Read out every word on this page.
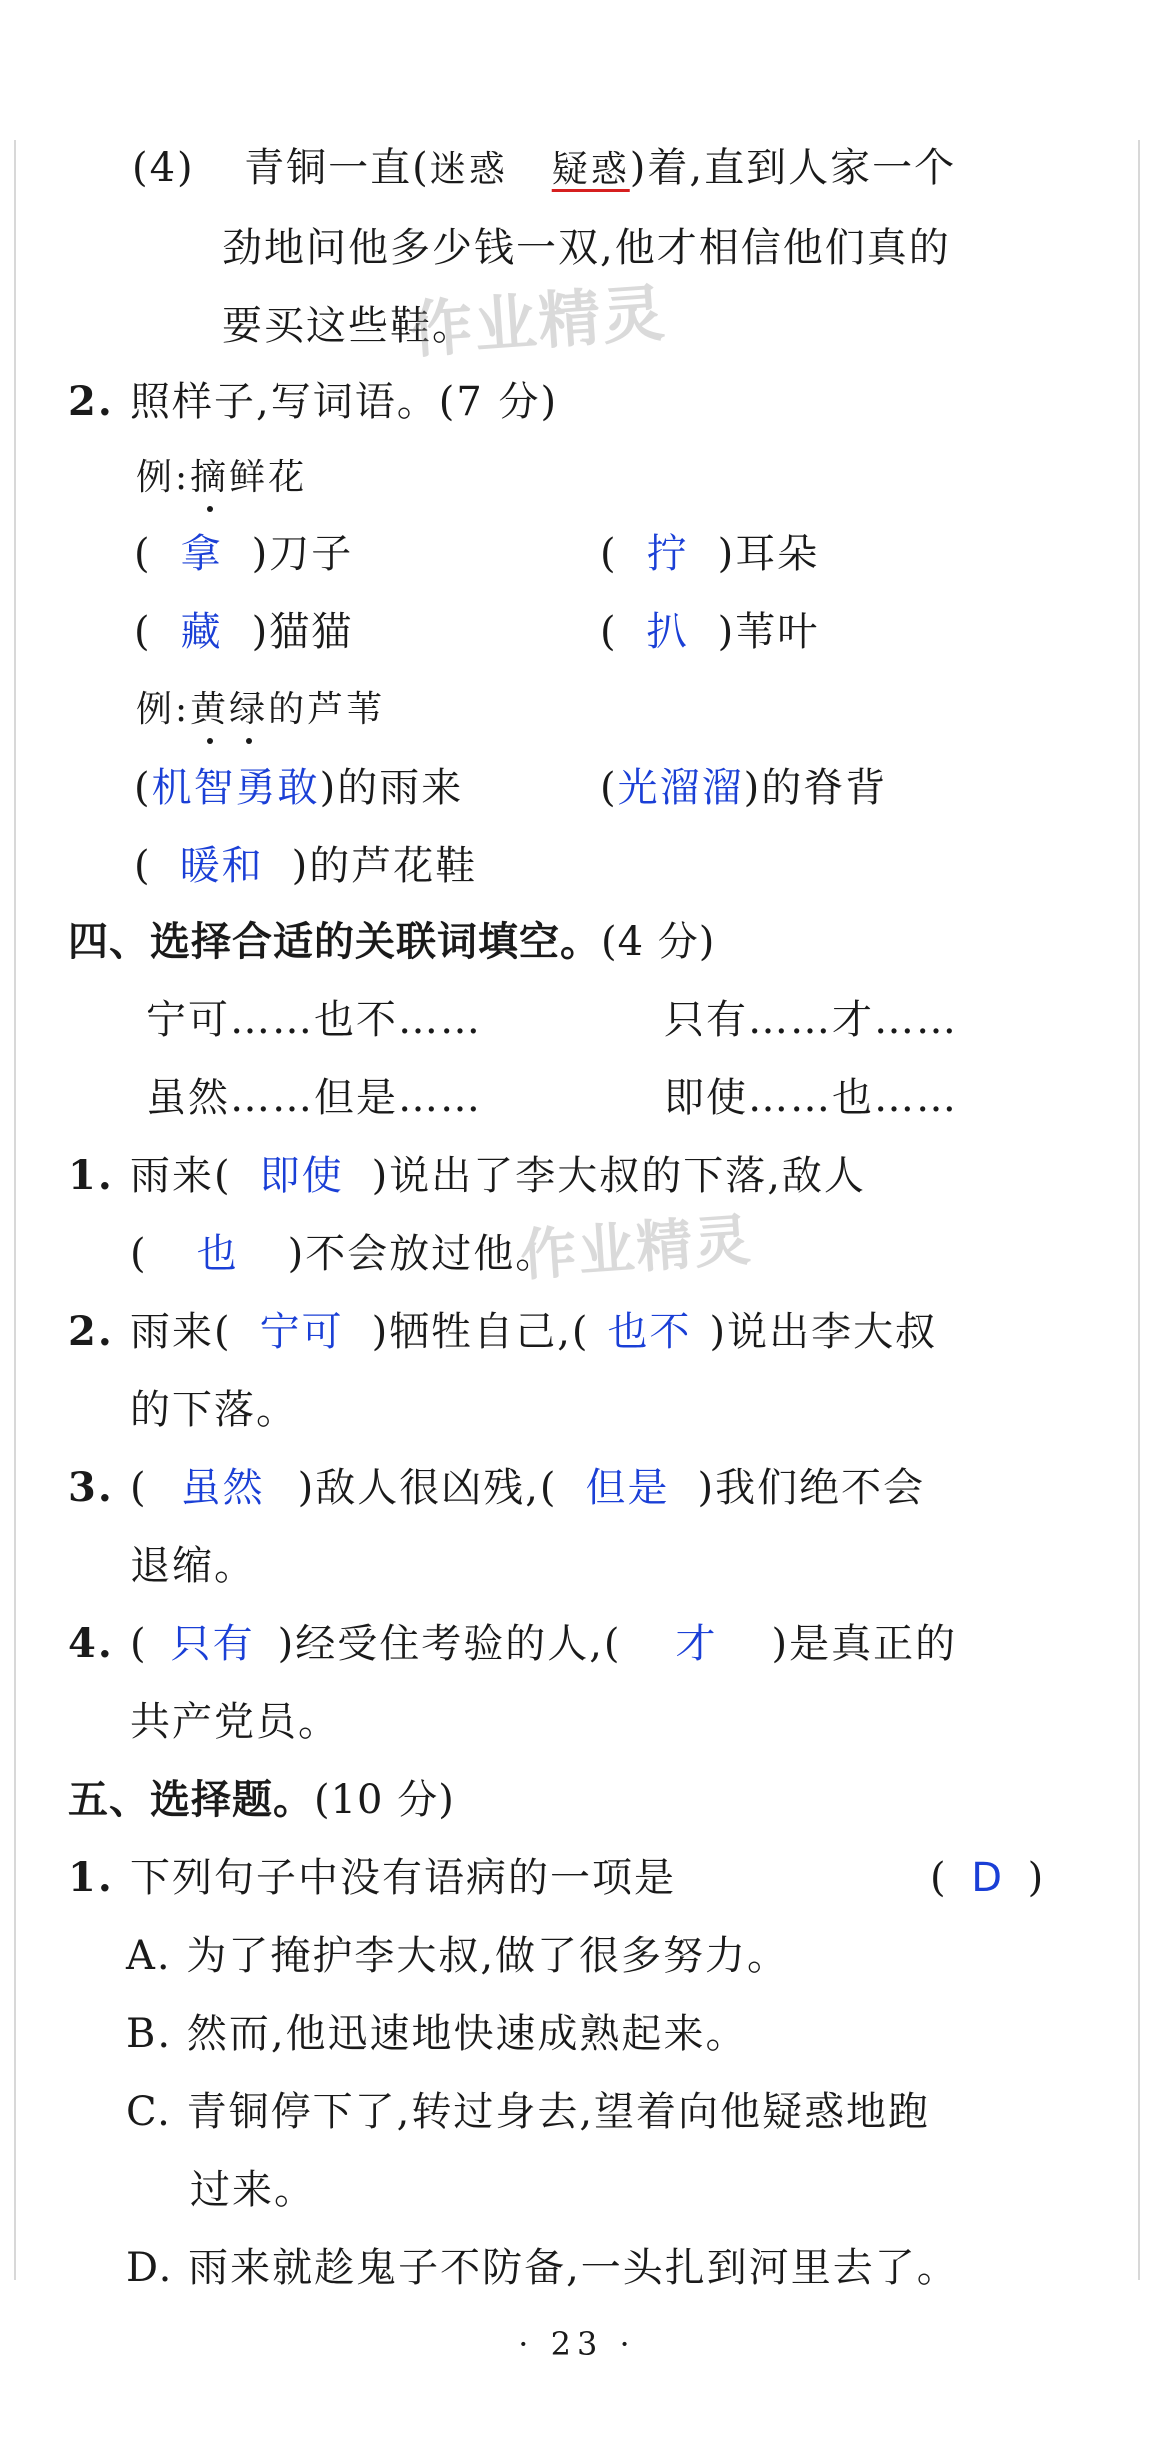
(4) 青铜一直(迷惑 疑惑)着,直到人家一个
劲地问他多少钱一双,他才相信他们真的
要买这些鞋。
作业精灵
2. 照样子,写词语。(7 分)
例:摘鲜花
( 拿 )刀子	( 拧 )耳朵
( 藏 )猫猫	( 扒 )苇叶
例:黄绿的芦苇
(机智勇敢)的雨来	(光溜溜)的脊背
( 暖和 )的芦花鞋
四、选择合适的关联词填空。(4 分)
宁可……也不……	只有……才……
虽然……但是……	即使……也……
1. 雨来( 即使 )说出了李大叔的下落,敌人
( 也 )不会放过他。
作业精灵
2. 雨来( 宁可 )牺牲自己,( 也不 )说出李大叔
的下落。
3. ( 虽然 )敌人很凶残,( 但是 )我们绝不会
退缩。
4. ( 只有 )经受住考验的人,( 才 )是真正的
共产党员。
五、选择题。(10 分)
1. 下列句子中没有语病的一项是	( D )
A. 为了掩护李大叔,做了很多努力。
B. 然而,他迅速地快速成熟起来。
C. 青铜停下了,转过身去,望着向他疑惑地跑
过来。
D. 雨来就趁鬼子不防备,一头扎到河里去了。
· 23 ·
